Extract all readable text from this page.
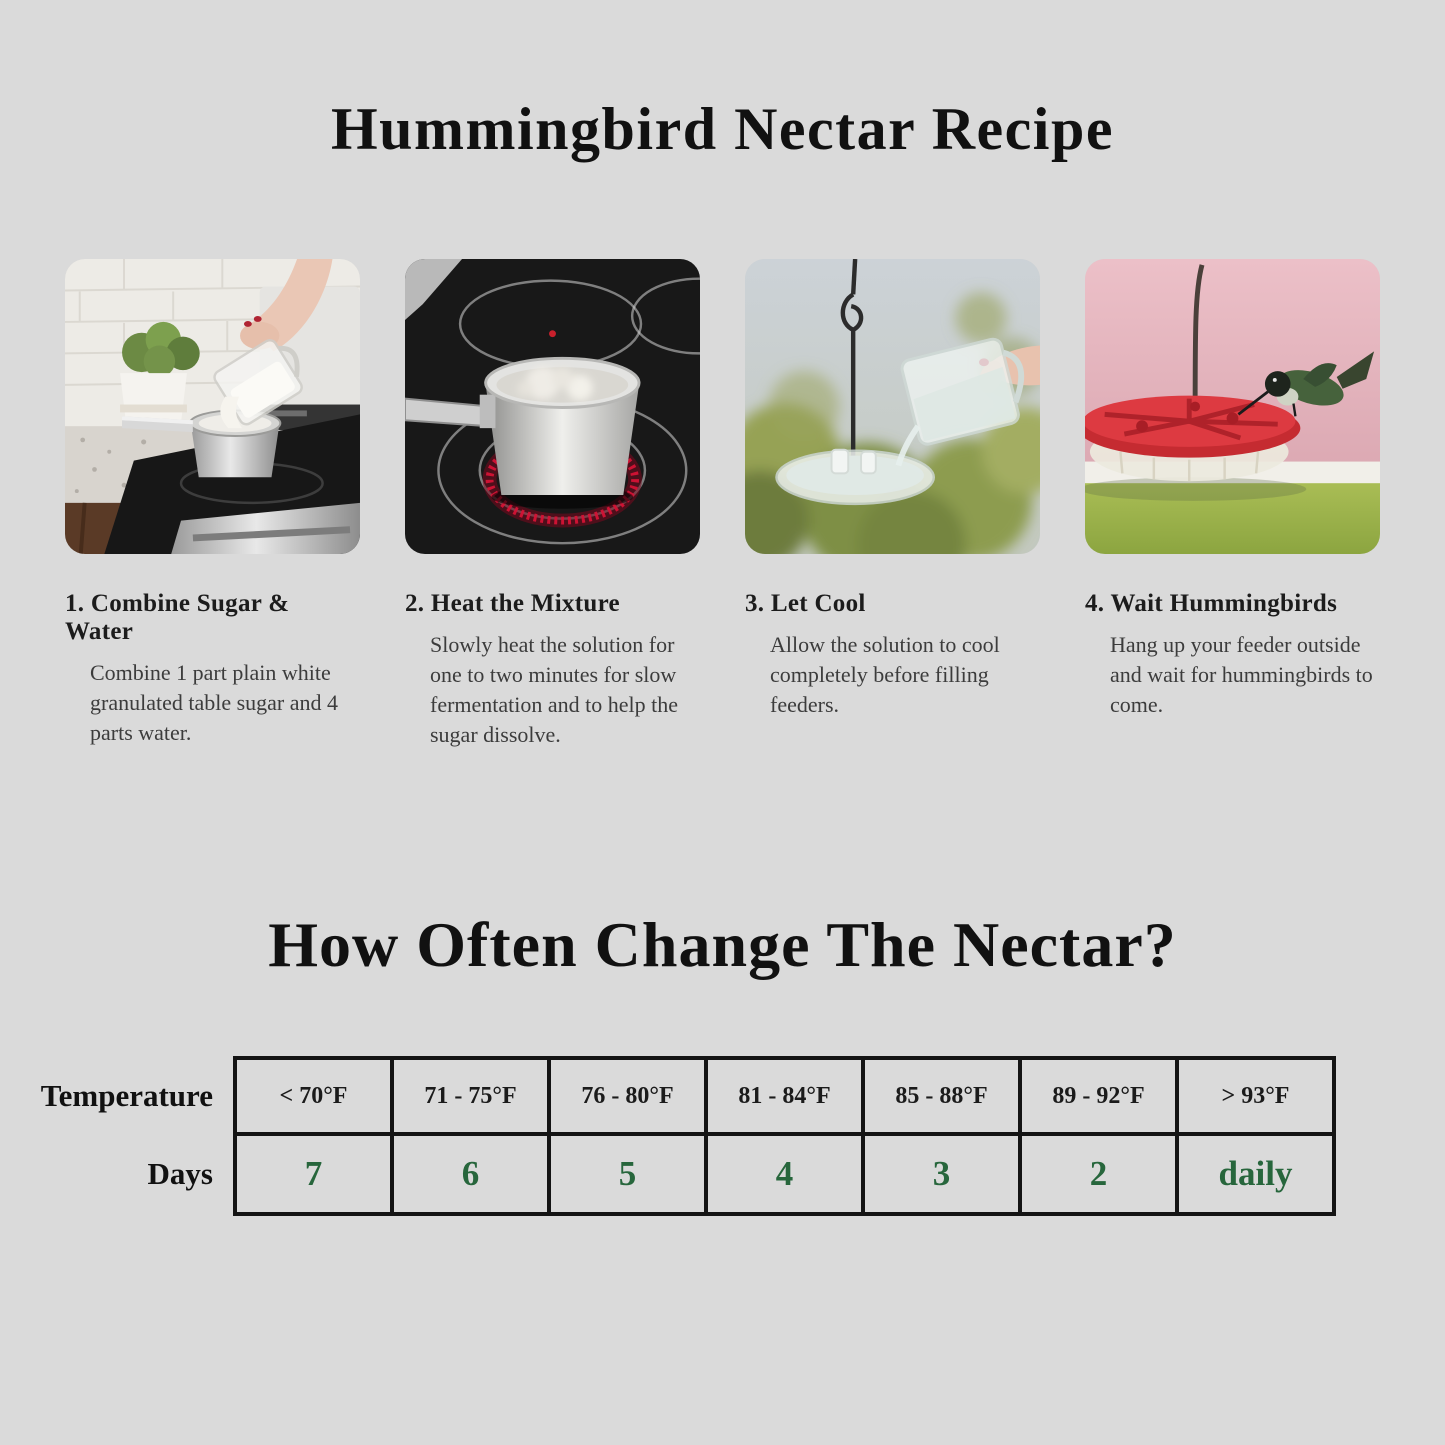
Hummingbird Nectar Recipe
1. Combine Sugar & Water

Combine 1 part plain white granulated table sugar and 4 parts water.

2. Heat the Mixture

Slowly heat the solution for one to two minutes for slow fermentation and to help the sugar dissolve.

3. Let Cool

Allow the solution to cool completely before filling feeders.

4. Wait Hummingbirds

Hang up your feeder outside and wait for hummingbirds to come.

How Often Change The Nectar?
Temperature	< 70°F	71 - 75°F	76 - 80°F	81 - 84°F	85 - 88°F	89 - 92°F	> 93°F
Days	7	6	5	4	3	2	daily
